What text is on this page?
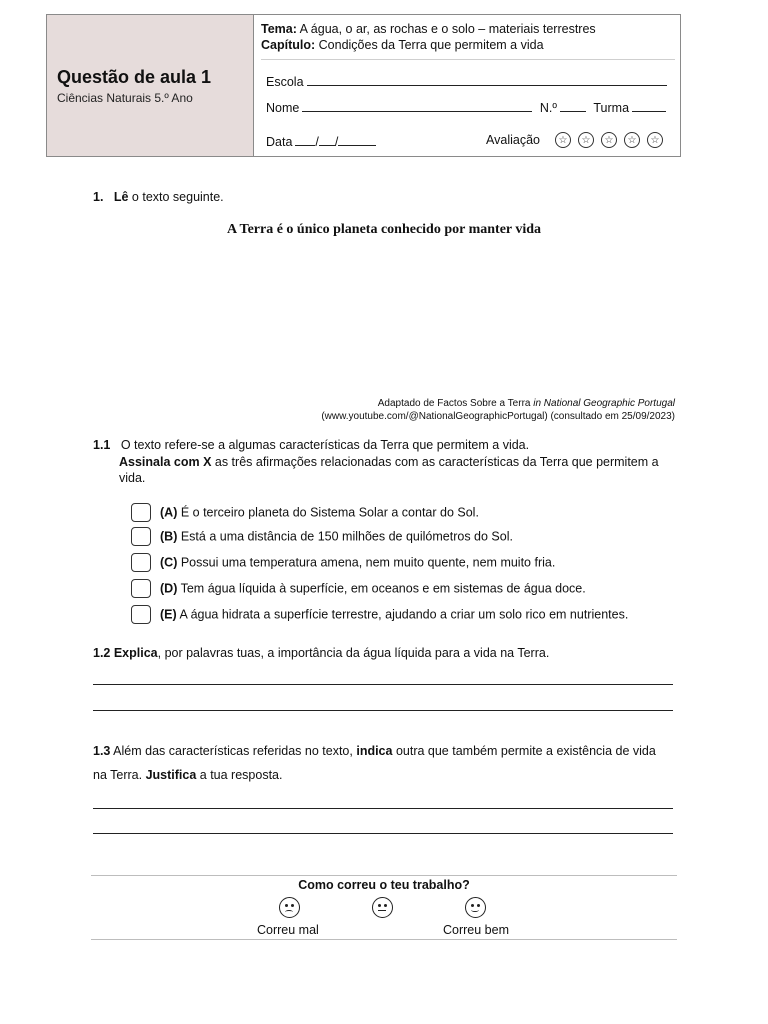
Questão de aula 1
Ciências Naturais 5.º Ano
Tema: A água, o ar, as rochas e o solo – materiais terrestres
Capítulo: Condições da Terra que permitem a vida
Escola
Nome	N.º	Turma
Data / /	Avaliação	☆ ☆ ☆ ☆ ☆
1. Lê o texto seguinte.
A Terra é o único planeta conhecido por manter vida
Adaptado de Factos Sobre a Terra in National Geographic Portugal
(www.youtube.com/@NationalGeographicPortugal) (consultado em 25/09/2023)
1.1 O texto refere-se a algumas características da Terra que permitem a vida.
Assinala com X as três afirmações relacionadas com as características da Terra que permitem a
vida.
(A) É o terceiro planeta do Sistema Solar a contar do Sol.
(B) Está a uma distância de 150 milhões de quilómetros do Sol.
(C) Possui uma temperatura amena, nem muito quente, nem muito fria.
(D) Tem água líquida à superfície, em oceanos e em sistemas de água doce.
(E) A água hidrata a superfície terrestre, ajudando a criar um solo rico em nutrientes.
1.2 Explica, por palavras tuas, a importância da água líquida para a vida na Terra.
1.3 Além das características referidas no texto, indica outra que também permite a existência de vida
na Terra. Justifica a tua resposta.
Como correu o teu trabalho?
Correu mal	Correu bem
